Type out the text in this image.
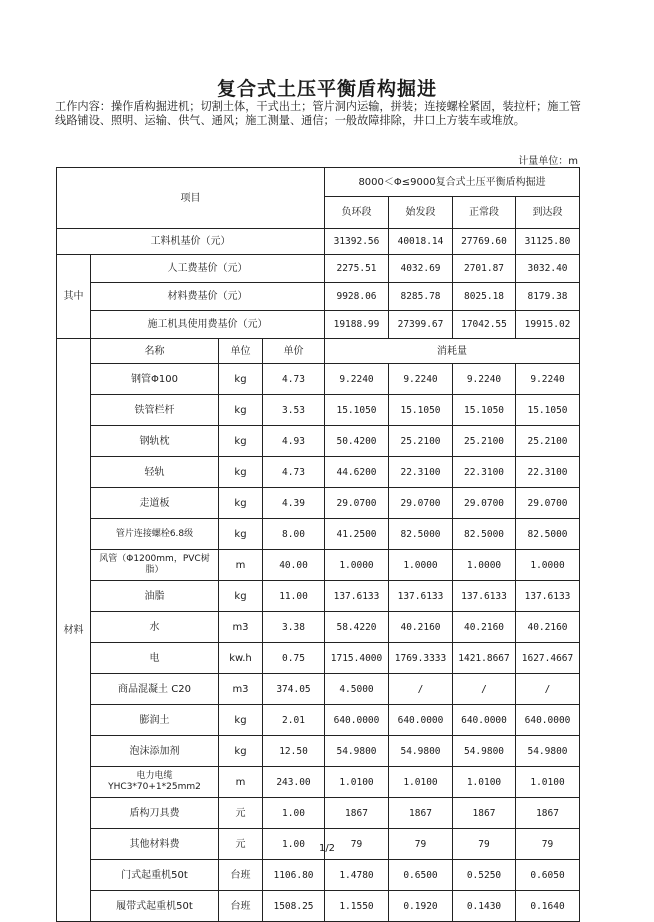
复合式土压平衡盾构掘进
工作内容：操作盾构掘进机；切割土体，干式出土；管片洞内运输，拼装；连接螺栓紧固，装拉杆；施工管线路铺设、照明、运输、供气、通风；施工测量、通信；一般故障排除，井口上方装车或堆放。
计量单位：m
项目				8000＜Φ≤9000复合式土压平衡盾构掘进			
				负环段	始发段	正常段	到达段
工料机基价（元）				31392.56	40018.14	27769.60	31125.80
其中	人工费基价（元）			2275.51	4032.69	2701.87	3032.40
	材料费基价（元）			9928.06	8285.78	8025.18	8179.38
	施工机具使用费基价（元）			19188.99	27399.67	17042.55	19915.02
材料	名称	单位	单价	消耗量			
	钢管Φ100	kg	4.73	9.2240	9.2240	9.2240	9.2240
	铁管栏杆	kg	3.53	15.1050	15.1050	15.1050	15.1050
	钢轨枕	kg	4.93	50.4200	25.2100	25.2100	25.2100
	轻轨	kg	4.73	44.6200	22.3100	22.3100	22.3100
	走道板	kg	4.39	29.0700	29.0700	29.0700	29.0700
	管片连接螺栓6.8级	kg	8.00	41.2500	82.5000	82.5000	82.5000
	风管（Φ1200mm，PVC树脂）	m	40.00	1.0000	1.0000	1.0000	1.0000
	油脂	kg	11.00	137.6133	137.6133	137.6133	137.6133
	水	m3	3.38	58.4220	40.2160	40.2160	40.2160
	电	kw.h	0.75	1715.4000	1769.3333	1421.8667	1627.4667
	商品混凝土 C20	m3	374.05	4.5000	/	/	/
	膨润土	kg	2.01	640.0000	640.0000	640.0000	640.0000
	泡沫添加剂	kg	12.50	54.9800	54.9800	54.9800	54.9800
	电力电缆 YHC3*70+1*25mm2	m	243.00	1.0100	1.0100	1.0100	1.0100
	盾构刀具费	元	1.00	1867	1867	1867	1867
	其他材料费	元	1.00	79	79	79	79
	门式起重机50t	台班	1106.80	1.4780	0.6500	0.5250	0.6050
	履带式起重机50t	台班	1508.25	1.1550	0.1920	0.1430	0.1640
1/2
